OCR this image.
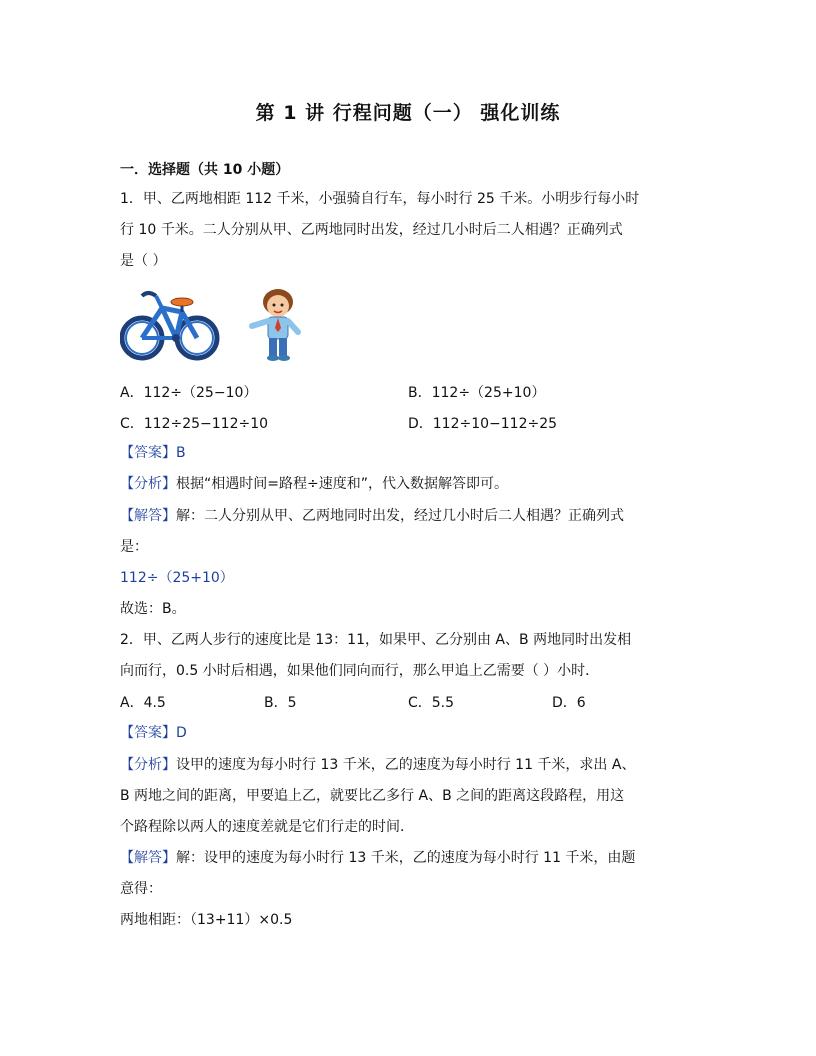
第 1 讲 行程问题（一） 强化训练
一．选择题（共 10 小题）
1．甲、乙两地相距 112 千米，小强骑自行车，每小时行 25 千米。小明步行每小时
行 10 千米。二人分别从甲、乙两地同时出发，经过几小时后二人相遇？正确列式
是（ ）
A．112÷（25−10）	B．112÷（25+10）
C．112÷25−112÷10	D．112÷10−112÷25
【答案】B
【分析】根据“相遇时间=路程÷速度和”，代入数据解答即可。
【解答】解：二人分别从甲、乙两地同时出发，经过几小时后二人相遇？正确列式
是：
112÷（25+10）
故选：B。
2．甲、乙两人步行的速度比是 13：11，如果甲、乙分别由 A、B 两地同时出发相
向而行，0.5 小时后相遇，如果他们同向而行，那么甲追上乙需要（ ）小时．
A．4.5	B．5	C．5.5	D．6
【答案】D
【分析】设甲的速度为每小时行 13 千米，乙的速度为每小时行 11 千米，求出 A、
B 两地之间的距离，甲要追上乙，就要比乙多行 A、B 之间的距离这段路程，用这
个路程除以两人的速度差就是它们行走的时间．
【解答】解：设甲的速度为每小时行 13 千米，乙的速度为每小时行 11 千米，由题
意得：
两地相距：（13+11）×0.5
